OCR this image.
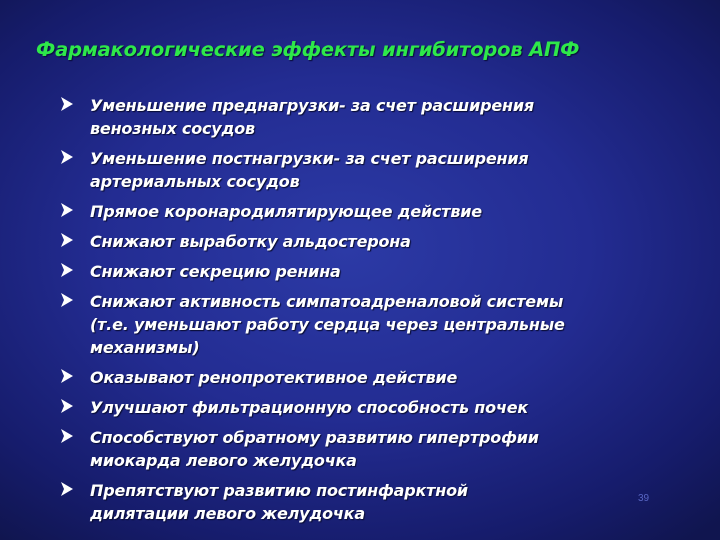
Фармакологические эффекты ингибиторов АПФ
Уменьшение преднагрузки- за счет расширения
венозных сосудов
Уменьшение постнагрузки- за счет расширения
артериальных сосудов
Прямое коронародилятирующее действие
Снижают выработку альдостерона
Снижают секрецию ренина
Снижают активность симпатоадреналовой системы
(т.е. уменьшают работу сердца через центральные
механизмы)
Оказывают ренопротективное действие
Улучшают фильтрационную способность почек
Способствуют обратному развитию гипертрофии
миокарда левого желудочка
Препятствуют развитию постинфарктной
дилятации левого желудочка
39
